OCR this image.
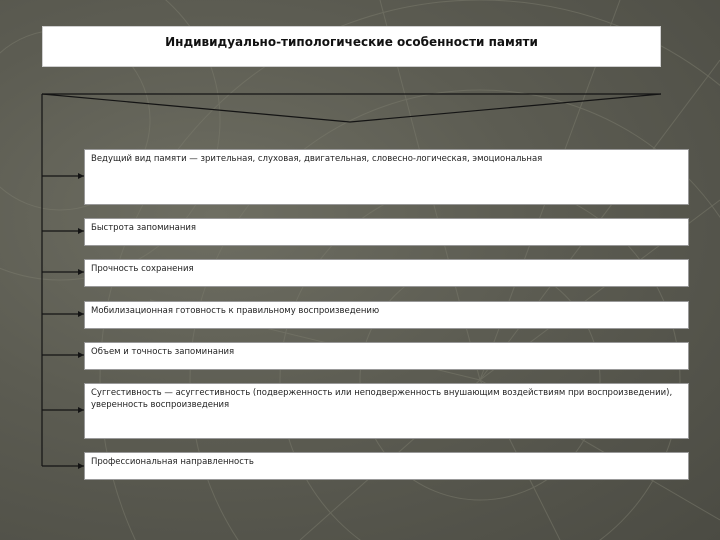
Индивидуально-типологические особенности памяти
Ведущий вид памяти — зрительная, слуховая, двигательная, словесно-логическая, эмоциональная
Быстрота запоминания
Прочность сохранения
Мобилизационная готовность к правильному воспроизведению
Объем и точность запоминания
Суггестивность — асуггестивность (подверженность или неподверженность внушающим воздействиям при воспроизведении), уверенность воспроизведения
Профессиональная направленность
